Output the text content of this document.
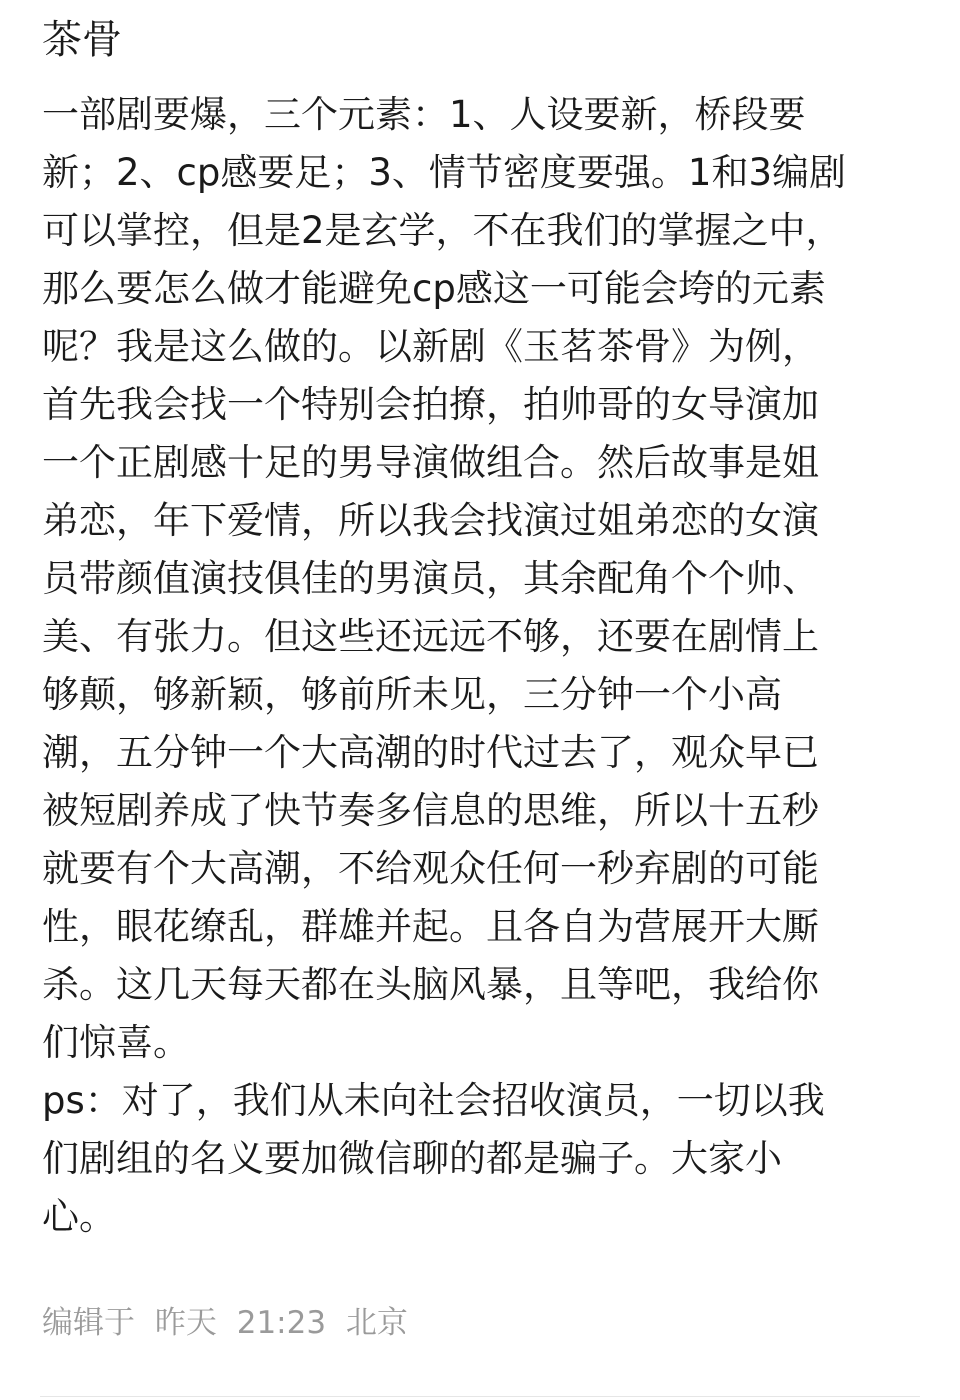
茶骨
一部剧要爆，三个元素：1、人设要新，桥段要
新；2、cp感要足；3、情节密度要强。1和3编剧
可以掌控，但是2是玄学，不在我们的掌握之中，
那么要怎么做才能避免cp感这一可能会垮的元素
呢？我是这么做的。以新剧《玉茗茶骨》为例，
首先我会找一个特别会拍撩，拍帅哥的女导演加
一个正剧感十足的男导演做组合。然后故事是姐
弟恋，年下爱情，所以我会找演过姐弟恋的女演
员带颜值演技俱佳的男演员，其余配角个个帅、
美、有张力。但这些还远远不够，还要在剧情上
够颠，够新颖，够前所未见，三分钟一个小高
潮，五分钟一个大高潮的时代过去了，观众早已
被短剧养成了快节奏多信息的思维，所以十五秒
就要有个大高潮，不给观众任何一秒弃剧的可能
性，眼花缭乱，群雄并起。且各自为营展开大厮
杀。这几天每天都在头脑风暴，且等吧，我给你
们惊喜。
ps：对了，我们从未向社会招收演员，一切以我
们剧组的名义要加微信聊的都是骗子。大家小
心。
编辑于 昨天 21:23 北京
